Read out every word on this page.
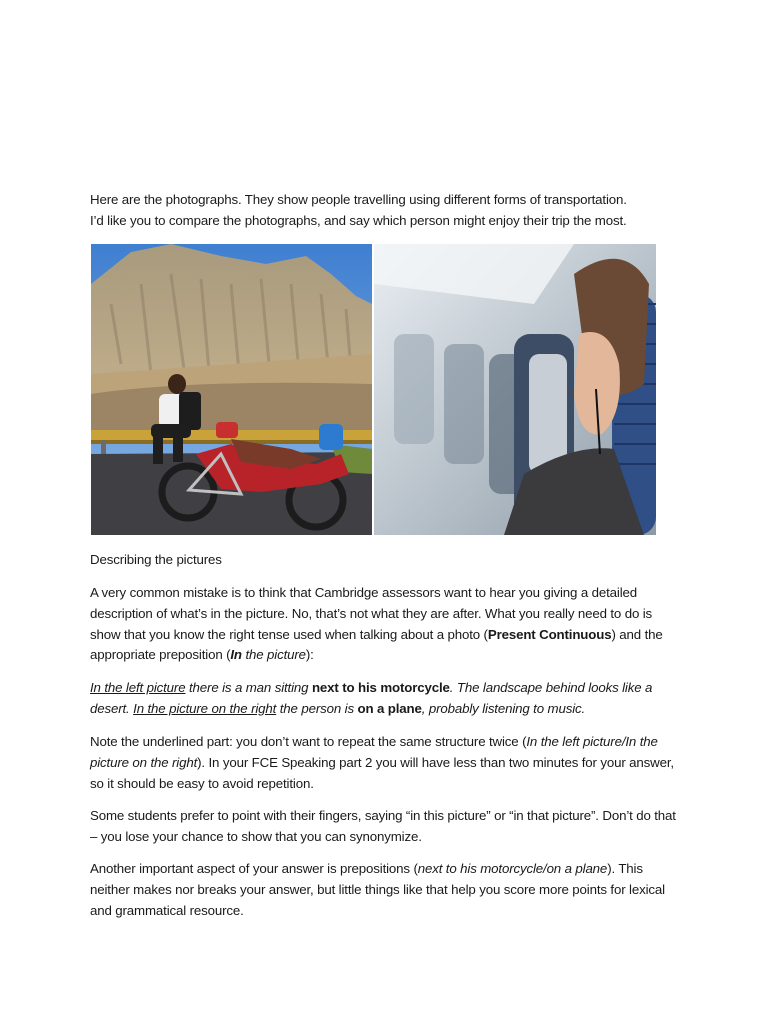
Here are the photographs. They show people travelling using different forms of transportation.

I’d like you to compare the photographs, and say which person might enjoy their trip the most.

Describing the pictures

A very common mistake is to think that Cambridge assessors want to hear you giving a detailed description of what’s in the picture. No, that’s not what they are after. What you really need to do is show that you know the right tense used when talking about a photo (Present Continuous) and the appropriate preposition (In the picture):

In the left picture there is a man sitting next to his motorcycle. The landscape behind looks like a desert. In the picture on the right the person is on a plane, probably listening to music.

Note the underlined part: you don’t want to repeat the same structure twice (In the left picture/In the picture on the right). In your FCE Speaking part 2 you will have less than two minutes for your answer, so it should be easy to avoid repetition.

Some students prefer to point with their fingers, saying “in this picture” or “in that picture”. Don’t do that – you lose your chance to show that you can synonymize.

Another important aspect of your answer is prepositions (next to his motorcycle/on a plane). This neither makes nor breaks your answer, but little things like that help you score more points for lexical and grammatical resource.
